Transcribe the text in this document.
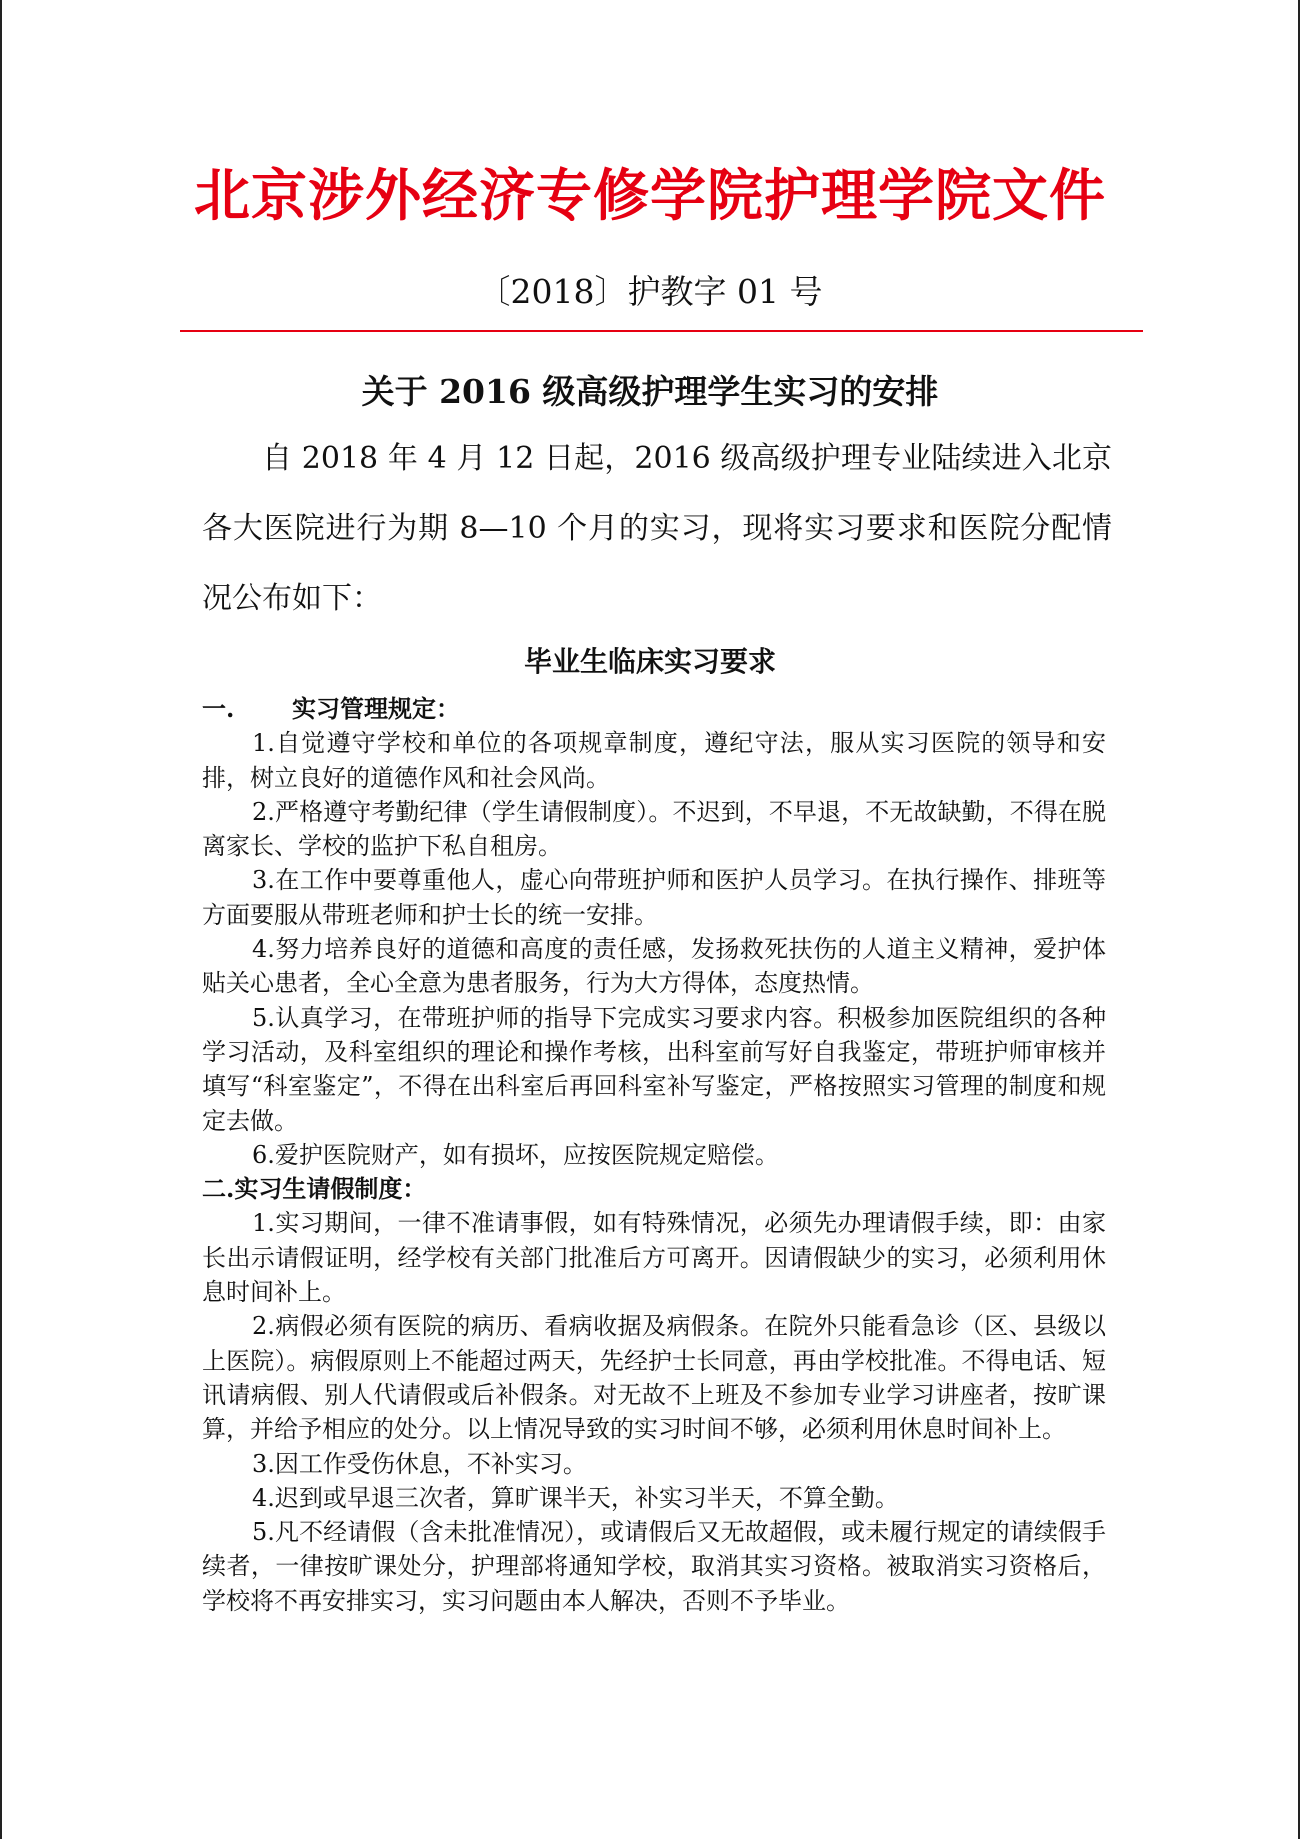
北京涉外经济专修学院护理学院文件
〔2018〕护教字 01 号
关于 2016 级高级护理学生实习的安排

自 2018 年 4 月 12 日起，2016 级高级护理专业陆续进入北京各大医院进行为期 8—10 个月的实习，现将实习要求和医院分配情况公布如下：

毕业生临床实习要求

一. 实习管理规定：

1.自觉遵守学校和单位的各项规章制度，遵纪守法，服从实习医院的领导和安排，树立良好的道德作风和社会风尚。

2.严格遵守考勤纪律（学生请假制度）。不迟到，不早退，不无故缺勤，不得在脱离家长、学校的监护下私自租房。

3.在工作中要尊重他人，虚心向带班护师和医护人员学习。在执行操作、排班等方面要服从带班老师和护士长的统一安排。

4.努力培养良好的道德和高度的责任感，发扬救死扶伤的人道主义精神，爱护体贴关心患者，全心全意为患者服务，行为大方得体，态度热情。

5.认真学习，在带班护师的指导下完成实习要求内容。积极参加医院组织的各种学习活动，及科室组织的理论和操作考核，出科室前写好自我鉴定，带班护师审核并填写“科室鉴定”，不得在出科室后再回科室补写鉴定，严格按照实习管理的制度和规定去做。

6.爱护医院财产，如有损坏，应按医院规定赔偿。

二.实习生请假制度：

1.实习期间，一律不准请事假，如有特殊情况，必须先办理请假手续，即：由家长出示请假证明，经学校有关部门批准后方可离开。因请假缺少的实习，必须利用休息时间补上。

2.病假必须有医院的病历、看病收据及病假条。在院外只能看急诊（区、县级以上医院）。病假原则上不能超过两天，先经护士长同意，再由学校批准。不得电话、短讯请病假、别人代请假或后补假条。对无故不上班及不参加专业学习讲座者，按旷课算，并给予相应的处分。以上情况导致的实习时间不够，必须利用休息时间补上。

3.因工作受伤休息，不补实习。

4.迟到或早退三次者，算旷课半天，补实习半天，不算全勤。

5.凡不经请假（含未批准情况），或请假后又无故超假，或未履行规定的请续假手续者，一律按旷课处分，护理部将通知学校，取消其实习资格。被取消实习资格后，学校将不再安排实习，实习问题由本人解决，否则不予毕业。
